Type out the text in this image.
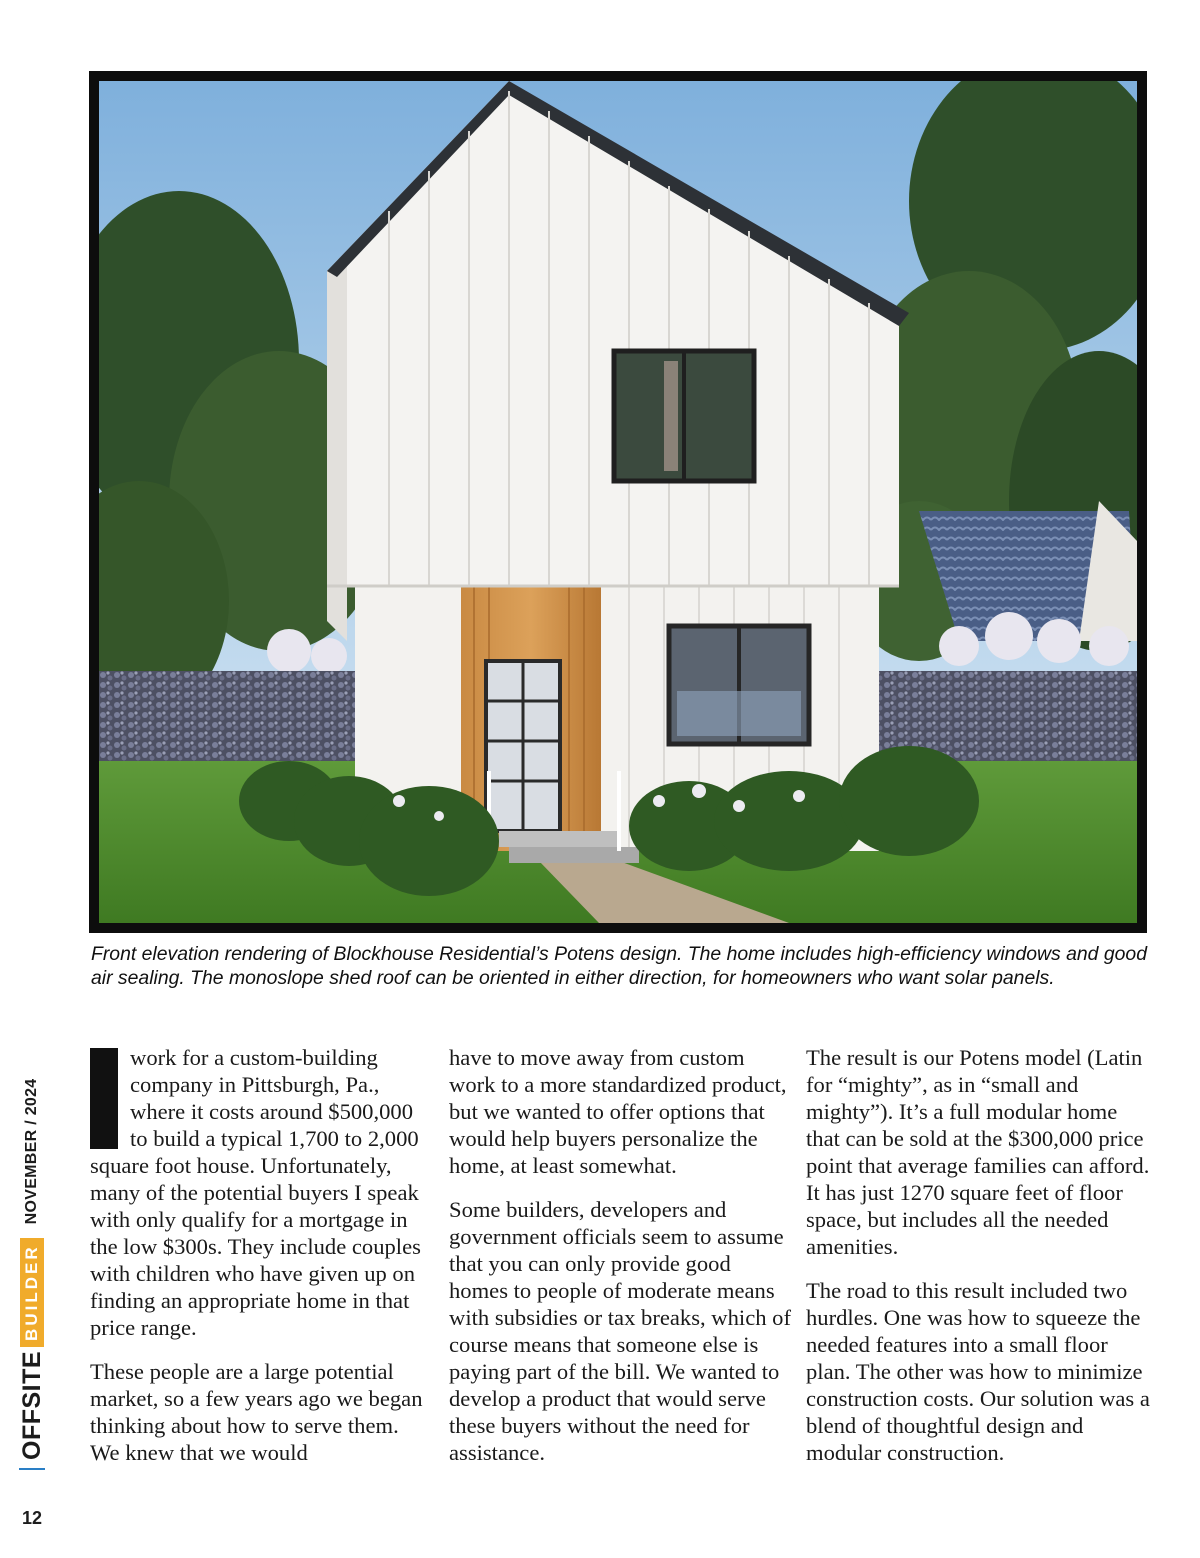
Front elevation rendering of Blockhouse Residential’s Potens design. The home includes high-efficiency windows and good air sealing. The monoslope shed roof can be oriented in either direction, for homeowners who want solar panels.

OFFSITE
BUILDER
NOVEMBER / 2024
12

work for a custom-building company in Pittsburgh, Pa., where it costs around $500,000 to build a typical 1,700 to 2,000 square foot house. Unfortunately, many of the potential buyers I speak with only qualify for a mortgage in the low $300s. They include couples with children who have given up on finding an appropriate home in that price range.

These people are a large potential market, so a few years ago we began thinking about how to serve them. We knew that we would

have to move away from custom work to a more standardized product, but we wanted to offer options that would help buyers personalize the home, at least somewhat.

Some builders, developers and government officials seem to assume that you can only provide good homes to people of moderate means with subsidies or tax breaks, which of course means that someone else is paying part of the bill. We wanted to develop a product that would serve these buyers without the need for assistance.

The result is our Potens model (Latin for “mighty”, as in “small and mighty”). It’s a full modular home that can be sold at the $300,000 price point that average families can afford. It has just 1270 square feet of floor space, but includes all the needed amenities.

The road to this result included two hurdles. One was how to squeeze the needed features into a small floor plan. The other was how to minimize construction costs. Our solution was a blend of thoughtful design and modular construction.
